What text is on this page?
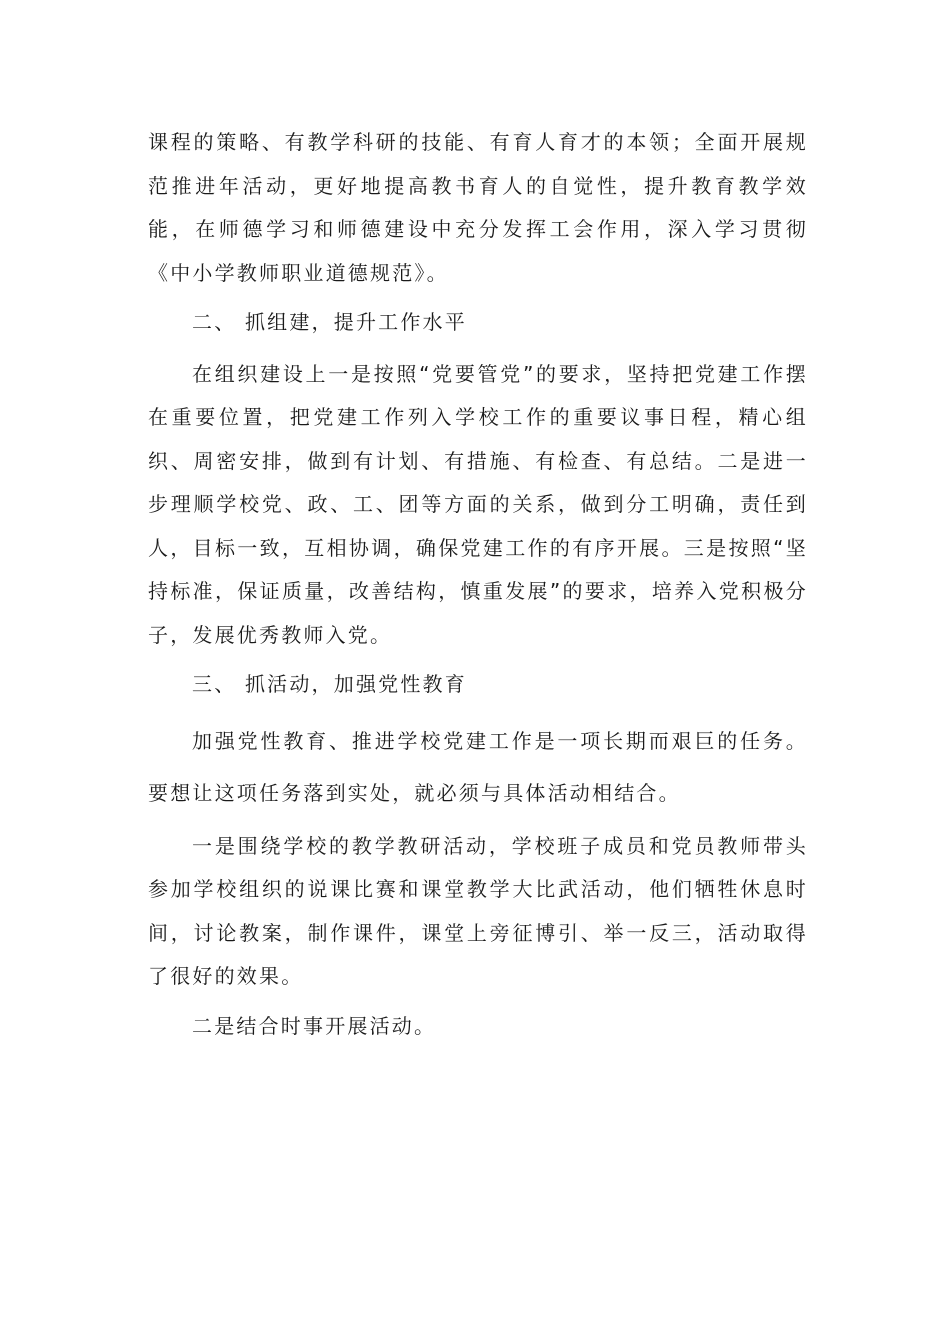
课程的策略、有教学科研的技能、有育人育才的本领；全面开展规范推进年活动，更好地提高教书育人的自觉性，提升教育教学效能，在师德学习和师德建设中充分发挥工会作用，深入学习贯彻《中小学教师职业道德规范》。

二、 抓组建，提升工作水平

在组织建设上一是按照“党要管党”的要求，坚持把党建工作摆在重要位置，把党建工作列入学校工作的重要议事日程，精心组织、周密安排，做到有计划、有措施、有检查、有总结。二是进一步理顺学校党、政、工、团等方面的关系，做到分工明确，责任到人，目标一致，互相协调，确保党建工作的有序开展。三是按照“坚持标准，保证质量，改善结构，慎重发展”的要求，培养入党积极分子，发展优秀教师入党。

三、 抓活动，加强党性教育

加强党性教育、推进学校党建工作是一项长期而艰巨的任务。要想让这项任务落到实处，就必须与具体活动相结合。

一是围绕学校的教学教研活动，学校班子成员和党员教师带头参加学校组织的说课比赛和课堂教学大比武活动，他们牺牲休息时间，讨论教案，制作课件，课堂上旁征博引、举一反三，活动取得了很好的效果。

二是结合时事开展活动。
